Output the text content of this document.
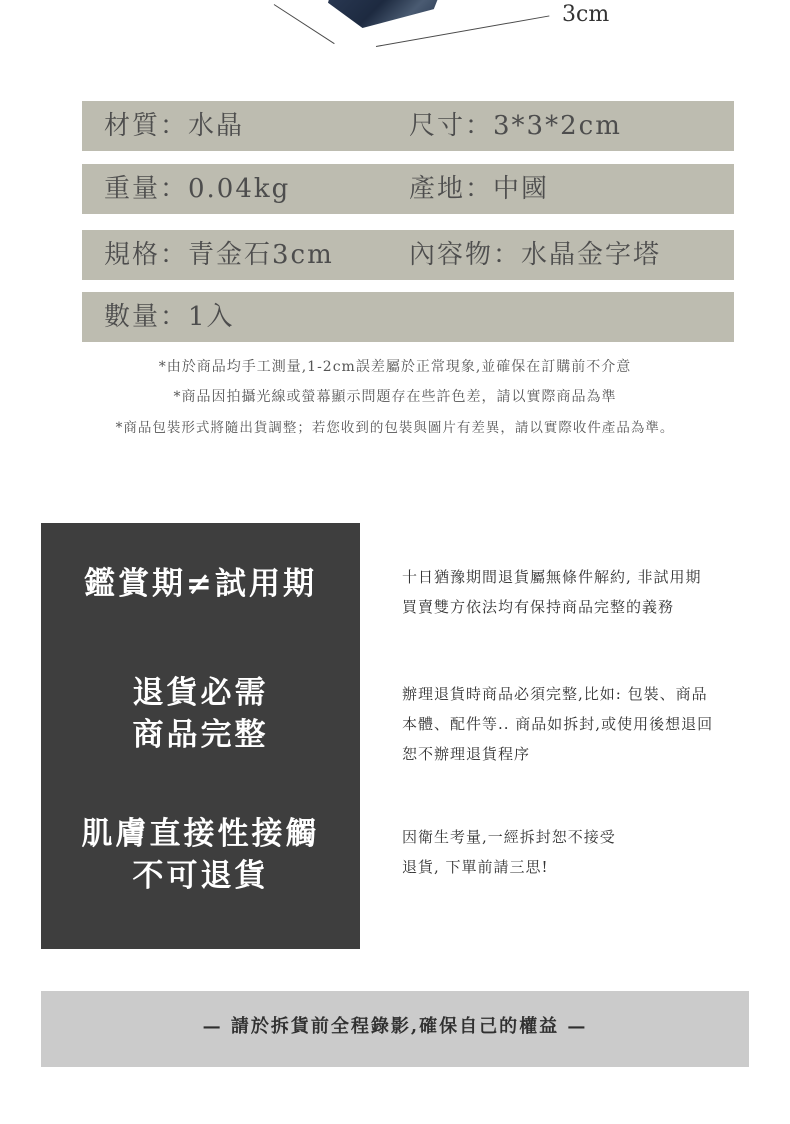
3cm
材質：水晶	尺寸：3*3*2cm
重量：0.04kg	產地：中國
規格：青金石3cm	內容物：水晶金字塔
數量：1入
*由於商品均手工測量,1-2cm誤差屬於正常現象,並確保在訂購前不介意
*商品因拍攝光線或螢幕顯示問題存在些許色差，請以實際商品為準
*商品包裝形式將隨出貨調整；若您收到的包裝與圖片有差異，請以實際收件產品為準。
鑑賞期≠試用期
退貨必需
商品完整
肌膚直接性接觸
不可退貨
十日猶豫期間退貨屬無條件解約, 非試用期
買賣雙方依法均有保持商品完整的義務
辦理退貨時商品必須完整,比如: 包裝、商品
本體、配件等.. 商品如拆封,或使用後想退回
恕不辦理退貨程序
因衛生考量,一經拆封恕不接受
退貨, 下單前請三思!
— 請於拆貨前全程錄影,確保自己的權益 —
